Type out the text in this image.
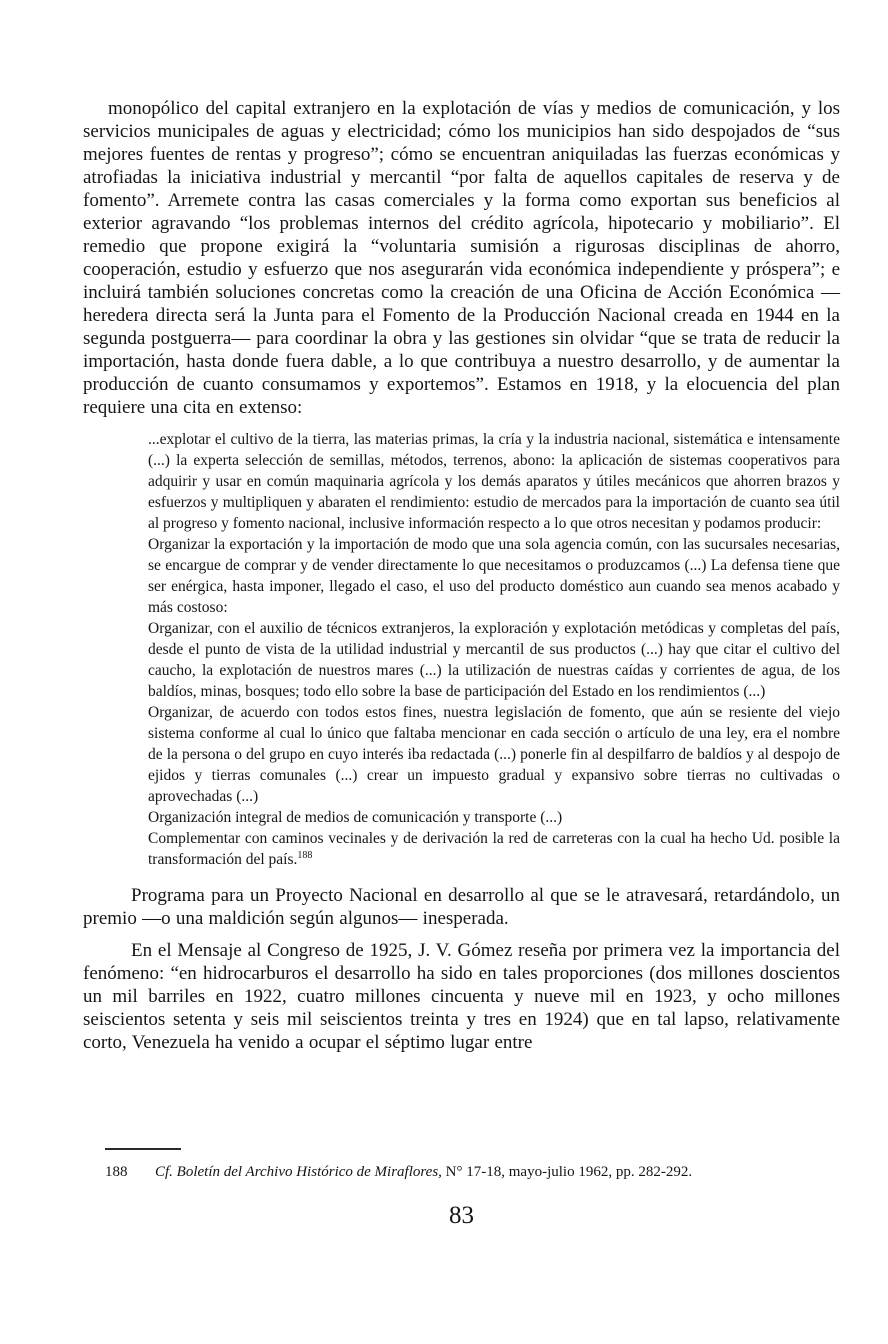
monopólico del capital extranjero en la explotación de vías y medios de comunicación, y los servicios municipales de aguas y electricidad; cómo los municipios han sido despojados de “sus mejores fuentes de rentas y progreso”; cómo se encuentran aniquiladas las fuerzas económicas y atrofiadas la iniciativa industrial y mercantil “por falta de aquellos capitales de reserva y de fomento”. Arremete contra las casas comerciales y la forma como exportan sus beneficios al exterior agravando “los problemas internos del crédito agrícola, hipotecario y mobiliario”. El remedio que propone exigirá la “voluntaria sumisión a rigurosas disciplinas de ahorro, cooperación, estudio y esfuerzo que nos asegurarán vida económica independiente y próspera”; e incluirá también soluciones concretas como la creación de una Oficina de Acción Económica —heredera directa será la Junta para el Fomento de la Producción Nacional creada en 1944 en la segunda postguerra— para coordinar la obra y las gestiones sin olvidar “que se trata de reducir la importación, hasta donde fuera dable, a lo que contribuya a nuestro desarrollo, y de aumentar la producción de cuanto consumamos y exportemos”. Estamos en 1918, y la elocuencia del plan requiere una cita en extenso:

...explotar el cultivo de la tierra, las materias primas, la cría y la industria nacional, sistemática e intensamente (...) la experta selección de semillas, métodos, terrenos, abono: la aplicación de sistemas cooperativos para adquirir y usar en común maquinaria agrícola y los demás aparatos y útiles mecánicos que ahorren brazos y esfuerzos y multipliquen y abaraten el rendimiento: estudio de mercados para la importación de cuanto sea útil al progreso y fomento nacional, inclusive información respecto a lo que otros necesitan y podamos producir:

Organizar la exportación y la importación de modo que una sola agencia común, con las sucursales necesarias, se encargue de comprar y de vender directamente lo que necesitamos o produzcamos (...) La defensa tiene que ser enérgica, hasta imponer, llegado el caso, el uso del producto doméstico aun cuando sea menos acabado y más costoso:

Organizar, con el auxilio de técnicos extranjeros, la exploración y explotación metódicas y completas del país, desde el punto de vista de la utilidad industrial y mercantil de sus productos (...) hay que citar el cultivo del caucho, la explotación de nuestros mares (...) la utilización de nuestras caídas y corrientes de agua, de los baldíos, minas, bosques; todo ello sobre la base de participación del Estado en los rendimientos (...)

Organizar, de acuerdo con todos estos fines, nuestra legislación de fomento, que aún se resiente del viejo sistema conforme al cual lo único que faltaba mencionar en cada sección o artículo de una ley, era el nombre de la persona o del grupo en cuyo interés iba redactada (...) ponerle fin al despilfarro de baldíos y al despojo de ejidos y tierras comunales (...) crear un impuesto gradual y expansivo sobre tierras no cultivadas o aprovechadas (...)

Organización integral de medios de comunicación y transporte (...)

Complementar con caminos vecinales y de derivación la red de carreteras con la cual ha hecho Ud. posible la transformación del país.$^{188}$

Programa para un Proyecto Nacional en desarrollo al que se le atravesará, retardándolo, un premio —o una maldición según algunos— inesperada.

En el Mensaje al Congreso de 1925, J. V. Gómez reseña por primera vez la importancia del fenómeno: “en hidrocarburos el desarrollo ha sido en tales proporciones (dos millones doscientos un mil barriles en 1922, cuatro millones cincuenta y nueve mil en 1923, y ocho millones seiscientos setenta y seis mil seiscientos treinta y tres en 1924) que en tal lapso, relativamente corto, Venezuela ha venido a ocupar el séptimo lugar entre

188 Cf. Boletín del Archivo Histórico de Miraflores, N° 17-18, mayo-julio 1962, pp. 282-292.

83
